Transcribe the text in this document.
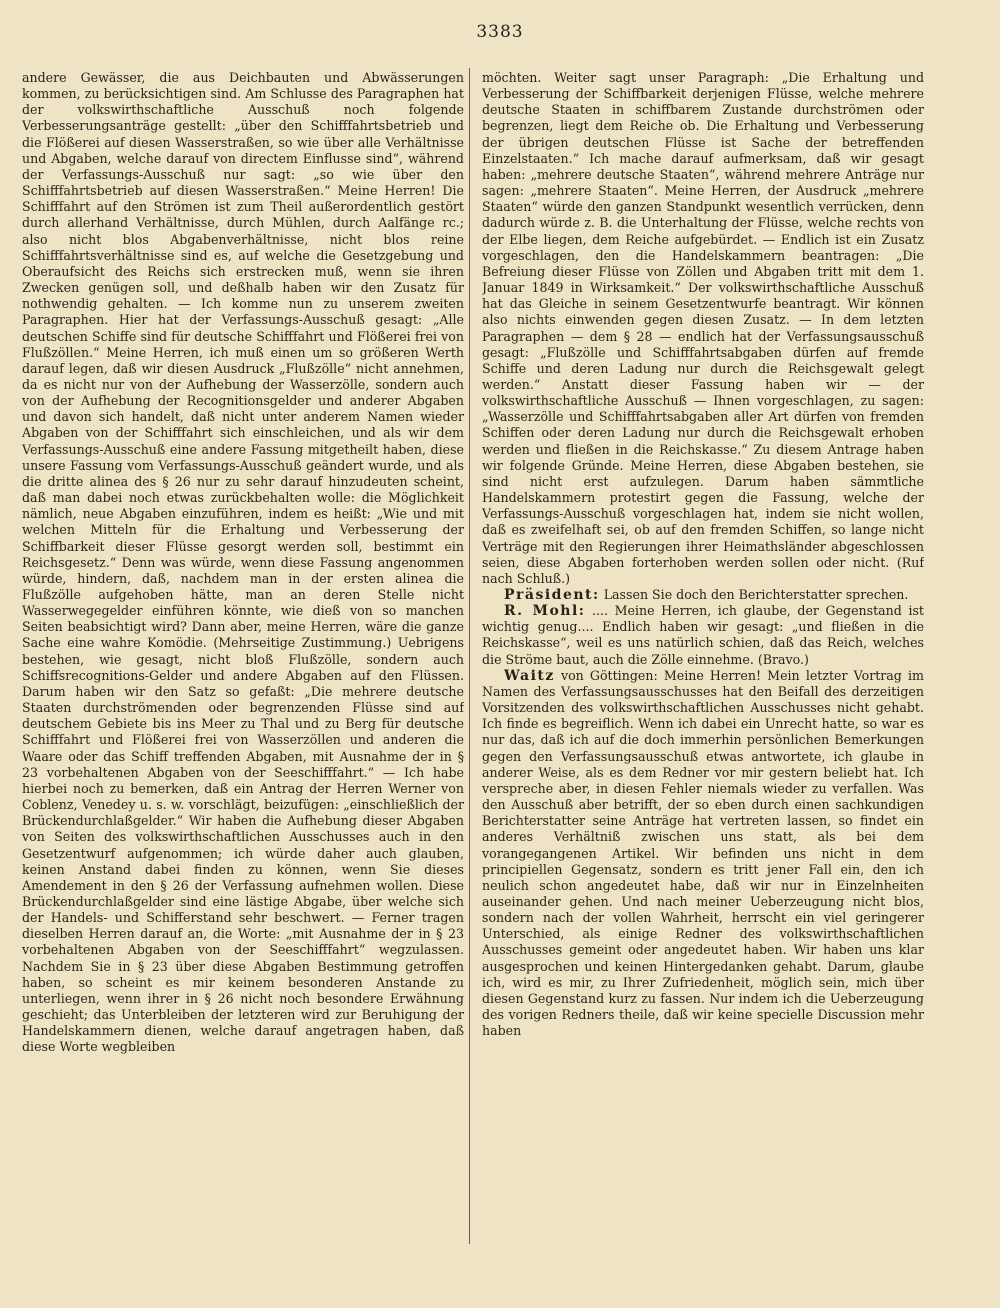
3383

andere Gewässer, die aus Deichbauten und Abwässerungen kommen, zu berücksichtigen sind. Am Schlusse des Paragraphen hat der volkswirthschaftliche Ausschuß noch folgende Verbesserungsanträge gestellt: „über den Schifffahrtsbetrieb und die Flößerei auf diesen Wasserstraßen, so wie über alle Verhältnisse und Abgaben, welche darauf von directem Einflusse sind“, während der Verfassungs-Ausschuß nur sagt: „so wie über den Schifffahrtsbetrieb auf diesen Wasserstraßen.“ Meine Herren! Die Schifffahrt auf den Strömen ist zum Theil außerordentlich gestört durch allerhand Verhältnisse, durch Mühlen, durch Aalfänge rc.; also nicht blos Abgabenverhältnisse, nicht blos reine Schifffahrtsverhältnisse sind es, auf welche die Gesetzgebung und Oberaufsicht des Reichs sich erstrecken muß, wenn sie ihren Zwecken genügen soll, und deßhalb haben wir den Zusatz für nothwendig gehalten. — Ich komme nun zu unserem zweiten Paragraphen. Hier hat der Verfassungs-Ausschuß gesagt: „Alle deutschen Schiffe sind für deutsche Schifffahrt und Flößerei frei von Flußzöllen.“ Meine Herren, ich muß einen um so größeren Werth darauf legen, daß wir diesen Ausdruck „Flußzölle“ nicht annehmen, da es nicht nur von der Aufhebung der Wasserzölle, sondern auch von der Aufhebung der Recognitionsgelder und anderer Abgaben und davon sich handelt, daß nicht unter anderem Namen wieder Abgaben von der Schifffahrt sich einschleichen, und als wir dem Verfassungs-Ausschuß eine andere Fassung mitgetheilt haben, diese unsere Fassung vom Verfassungs-Ausschuß geändert wurde, und als die dritte alinea des § 26 nur zu sehr darauf hinzudeuten scheint, daß man dabei noch etwas zurückbehalten wolle: die Möglichkeit nämlich, neue Abgaben einzuführen, indem es heißt: „Wie und mit welchen Mitteln für die Erhaltung und Verbesserung der Schiffbarkeit dieser Flüsse gesorgt werden soll, bestimmt ein Reichsgesetz.“ Denn was würde, wenn diese Fassung angenommen würde, hindern, daß, nachdem man in der ersten alinea die Flußzölle aufgehoben hätte, man an deren Stelle nicht Wasserwegegelder einführen könnte, wie dieß von so manchen Seiten beabsichtigt wird? Dann aber, meine Herren, wäre die ganze Sache eine wahre Komödie. (Mehrseitige Zustimmung.) Uebrigens bestehen, wie gesagt, nicht bloß Flußzölle, sondern auch Schiffsrecognitions-Gelder und andere Abgaben auf den Flüssen. Darum haben wir den Satz so gefaßt: „Die mehrere deutsche Staaten durchströmenden oder begrenzenden Flüsse sind auf deutschem Gebiete bis ins Meer zu Thal und zu Berg für deutsche Schifffahrt und Flößerei frei von Wasserzöllen und anderen die Waare oder das Schiff treffenden Abgaben, mit Ausnahme der in § 23 vorbehaltenen Abgaben von der Seeschifffahrt.“ — Ich habe hierbei noch zu bemerken, daß ein Antrag der Herren Werner von Coblenz, Venedey u. s. w. vorschlägt, beizufügen: „einschließlich der Brückendurchlaßgelder.“ Wir haben die Aufhebung dieser Abgaben von Seiten des volkswirthschaftlichen Ausschusses auch in den Gesetzentwurf aufgenommen; ich würde daher auch glauben, keinen Anstand dabei finden zu können, wenn Sie dieses Amendement in den § 26 der Verfassung aufnehmen wollen. Diese Brückendurchlaßgelder sind eine lästige Abgabe, über welche sich der Handels- und Schifferstand sehr beschwert. — Ferner tragen dieselben Herren darauf an, die Worte: „mit Ausnahme der in § 23 vorbehaltenen Abgaben von der Seeschifffahrt“ wegzulassen. Nachdem Sie in § 23 über diese Abgaben Bestimmung getroffen haben, so scheint es mir keinem besonderen Anstande zu unterliegen, wenn ihrer in § 26 nicht noch besondere Erwähnung geschieht; das Unterbleiben der letzteren wird zur Beruhigung der Handelskammern dienen, welche darauf angetragen haben, daß diese Worte wegbleiben

möchten. Weiter sagt unser Paragraph: „Die Erhaltung und Verbesserung der Schiffbarkeit derjenigen Flüsse, welche mehrere deutsche Staaten in schiffbarem Zustande durchströmen oder begrenzen, liegt dem Reiche ob. Die Erhaltung und Verbesserung der übrigen deutschen Flüsse ist Sache der betreffenden Einzelstaaten.“ Ich mache darauf aufmerksam, daß wir gesagt haben: „mehrere deutsche Staaten“, während mehrere Anträge nur sagen: „mehrere Staaten“. Meine Herren, der Ausdruck „mehrere Staaten“ würde den ganzen Standpunkt wesentlich verrücken, denn dadurch würde z. B. die Unterhaltung der Flüsse, welche rechts von der Elbe liegen, dem Reiche aufgebürdet. — Endlich ist ein Zusatz vorgeschlagen, den die Handelskammern beantragen: „Die Befreiung dieser Flüsse von Zöllen und Abgaben tritt mit dem 1. Januar 1849 in Wirksamkeit.“ Der volkswirthschaftliche Ausschuß hat das Gleiche in seinem Gesetzentwurfe beantragt. Wir können also nichts einwenden gegen diesen Zusatz. — In dem letzten Paragraphen — dem § 28 — endlich hat der Verfassungsausschuß gesagt: „Flußzölle und Schifffahrtsabgaben dürfen auf fremde Schiffe und deren Ladung nur durch die Reichsgewalt gelegt werden.“ Anstatt dieser Fassung haben wir — der volkswirthschaftliche Ausschuß — Ihnen vorgeschlagen, zu sagen: „Wasserzölle und Schifffahrtsabgaben aller Art dürfen von fremden Schiffen oder deren Ladung nur durch die Reichsgewalt erhoben werden und fließen in die Reichskasse.“ Zu diesem Antrage haben wir folgende Gründe. Meine Herren, diese Abgaben bestehen, sie sind nicht erst aufzulegen. Darum haben sämmtliche Handelskammern protestirt gegen die Fassung, welche der Verfassungs-Ausschuß vorgeschlagen hat, indem sie nicht wollen, daß es zweifelhaft sei, ob auf den fremden Schiffen, so lange nicht Verträge mit den Regierungen ihrer Heimathsländer abgeschlossen seien, diese Abgaben forterhoben werden sollen oder nicht. (Ruf nach Schluß.)

Präsident: Lassen Sie doch den Berichterstatter sprechen.

R. Mohl: .... Meine Herren, ich glaube, der Gegenstand ist wichtig genug.... Endlich haben wir gesagt: „und fließen in die Reichskasse“, weil es uns natürlich schien, daß das Reich, welches die Ströme baut, auch die Zölle einnehme. (Bravo.)

Waitz von Göttingen: Meine Herren! Mein letzter Vortrag im Namen des Verfassungsausschusses hat den Beifall des derzeitigen Vorsitzenden des volkswirthschaftlichen Ausschusses nicht gehabt. Ich finde es begreiflich. Wenn ich dabei ein Unrecht hatte, so war es nur das, daß ich auf die doch immerhin persönlichen Bemerkungen gegen den Verfassungsausschuß etwas antwortete, ich glaube in anderer Weise, als es dem Redner vor mir gestern beliebt hat. Ich verspreche aber, in diesen Fehler niemals wieder zu verfallen. Was den Ausschuß aber betrifft, der so eben durch einen sachkundigen Berichterstatter seine Anträge hat vertreten lassen, so findet ein anderes Verhältniß zwischen uns statt, als bei dem vorangegangenen Artikel. Wir befinden uns nicht in dem principiellen Gegensatz, sondern es tritt jener Fall ein, den ich neulich schon angedeutet habe, daß wir nur in Einzelnheiten auseinander gehen. Und nach meiner Ueberzeugung nicht blos, sondern nach der vollen Wahrheit, herrscht ein viel geringerer Unterschied, als einige Redner des volkswirthschaftlichen Ausschusses gemeint oder angedeutet haben. Wir haben uns klar ausgesprochen und keinen Hintergedanken gehabt. Darum, glaube ich, wird es mir, zu Ihrer Zufriedenheit, möglich sein, mich über diesen Gegenstand kurz zu fassen. Nur indem ich die Ueberzeugung des vorigen Redners theile, daß wir keine specielle Discussion mehr haben
